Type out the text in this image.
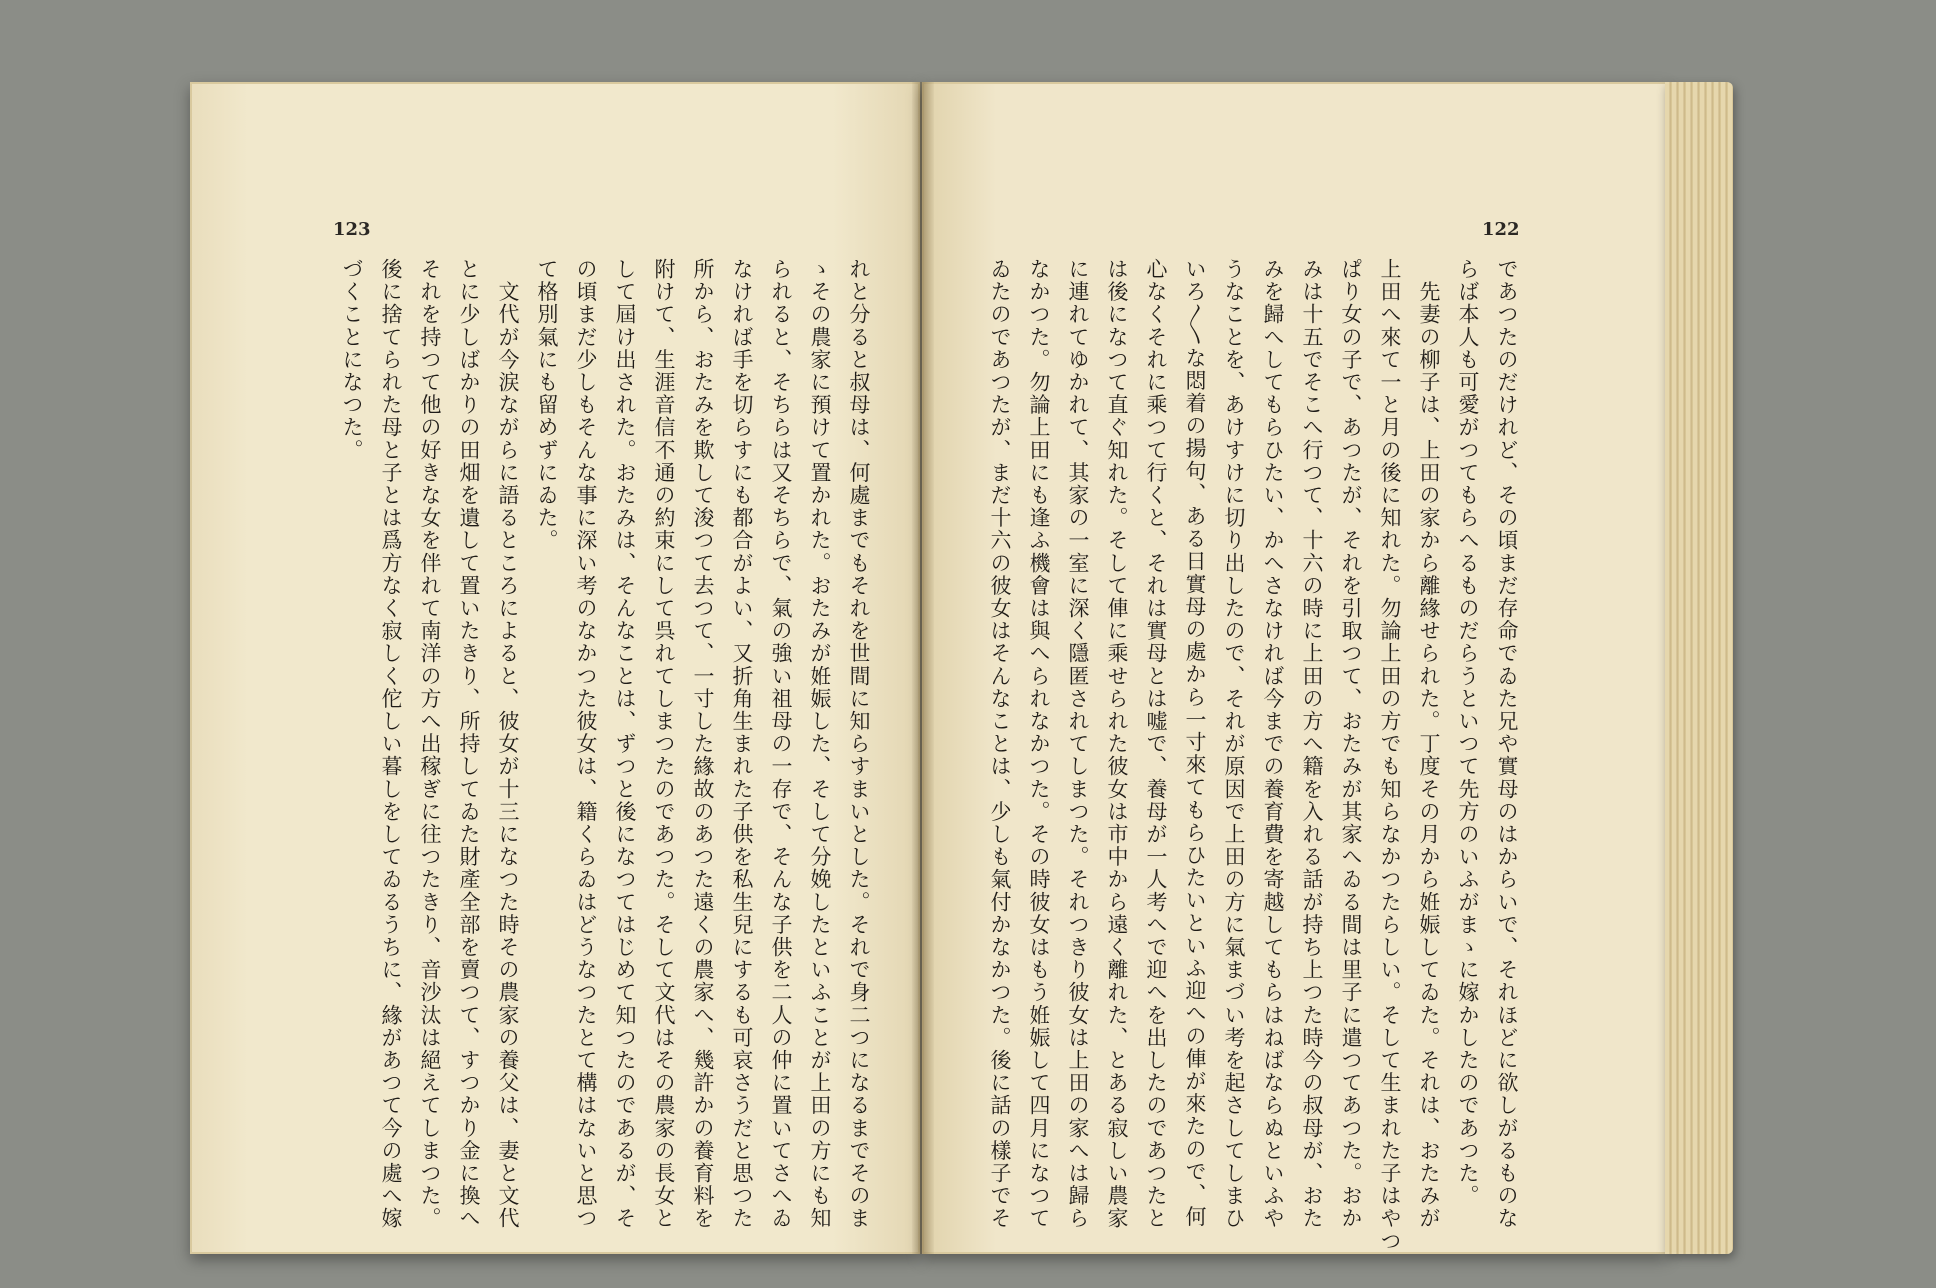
123	122
れと分ると叔母は、何處までもそれを世間に知らすまいとした。それで身二つになるまでそのま
ゝその農家に預けて置かれた。おたみが姙娠した、そして分娩したといふことが上田の方にも知
られると、そちらは又そちらで、氣の強い祖母の一存で、そんな子供を二人の仲に置いてさへゐ
なければ手を切らすにも都合がよい、又折角生まれた子供を私生兒にするも可哀さうだと思つた
所から、おたみを欺して浚つて去つて、一寸した緣故のあつた遠くの農家へ、幾許かの養育料を
附けて、生涯音信不通の約束にして呉れてしまつたのであつた。そして文代はその農家の長女と
して屆け出された。おたみは、そんなことは、ずつと後になつてはじめて知つたのであるが、そ
の頃まだ少しもそんな事に深い考のなかつた彼女は、籍くらゐはどうなつたとて構はないと思つ
て格別氣にも留めずにゐた。
　文代が今涙ながらに語るところによると、彼女が十三になつた時その農家の養父は、妻と文代
とに少しばかりの田畑を遺して置いたきり、所持してゐた財產全部を賣つて、すつかり金に換へ
それを持つて他の好きな女を伴れて南洋の方へ出稼ぎに往つたきり、音沙汰は絕えてしまつた。
後に捨てられた母と子とは爲方なく寂しく佗しい暮しをしてゐるうちに、緣があつて今の處へ嫁
づくことになつた。	であつたのだけれど、その頃まだ存命でゐた兄や實母のはからいで、それほどに欲しがるものな
らば本人も可愛がつてもらへるものだらうといつて先方のいふがまゝに嫁かしたのであつた。
　先妻の柳子は、上田の家から離緣せられた。丁度その月から姙娠してゐた。それは、おたみが
上田へ來て一と月の後に知れた。勿論上田の方でも知らなかつたらしい。そして生まれた子はやつ
ぱり女の子で、あつたが、それを引取つて、おたみが其家へゐる間は里子に遣つてあつた。おか
みは十五でそこへ行つて、十六の時に上田の方へ籍を入れる話が持ち上つた時今の叔母が、おた
みを歸へしてもらひたい、かへさなければ今までの養育費を寄越してもらはねばならぬといふや
うなことを、あけすけに切り出したので、それが原因で上田の方に氣まづい考を起さしてしまひ
いろ〳〵な悶着の揚句、ある日實母の處から一寸來てもらひたいといふ迎への俥が來たので、何
心なくそれに乘つて行くと、それは實母とは嘘で、養母が一人考へで迎へを出したのであつたと
は後になつて直ぐ知れた。そして俥に乘せられた彼女は市中から遠く離れた、とある寂しい農家
に連れてゆかれて、其家の一室に深く隱匿されてしまつた。それつきり彼女は上田の家へは歸ら
なかつた。勿論上田にも逢ふ機會は與へられなかつた。その時彼女はもう姙娠して四月になつて
ゐたのであつたが、まだ十六の彼女はそんなことは、少しも氣付かなかつた。後に話の樣子でそ
